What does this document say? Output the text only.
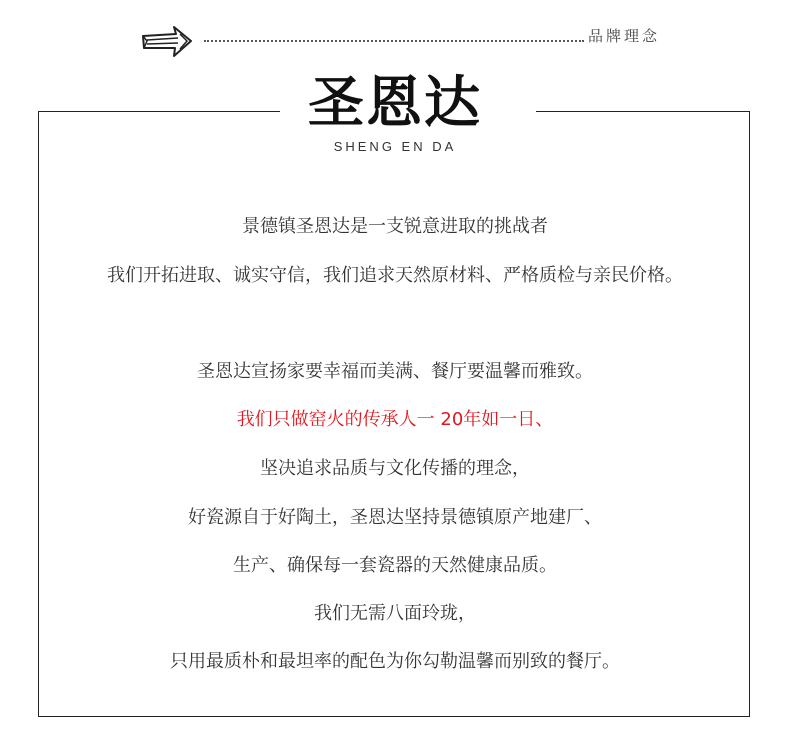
品牌理念
圣恩达
SHENG EN DA
景德镇圣恩达是一支锐意进取的挑战者
我们开拓进取、诚实守信，我们追求天然原材料、严格质检与亲民价格。
圣恩达宣扬家要幸福而美满、餐厅要温馨而雅致。
我们只做窑火的传承人一 20年如一日、
坚决追求品质与文化传播的理念，
好瓷源自于好陶土，圣恩达坚持景德镇原产地建厂、
生产、确保每一套瓷器的天然健康品质。
我们无需八面玲珑，
只用最质朴和最坦率的配色为你勾勒温馨而别致的餐厅。
